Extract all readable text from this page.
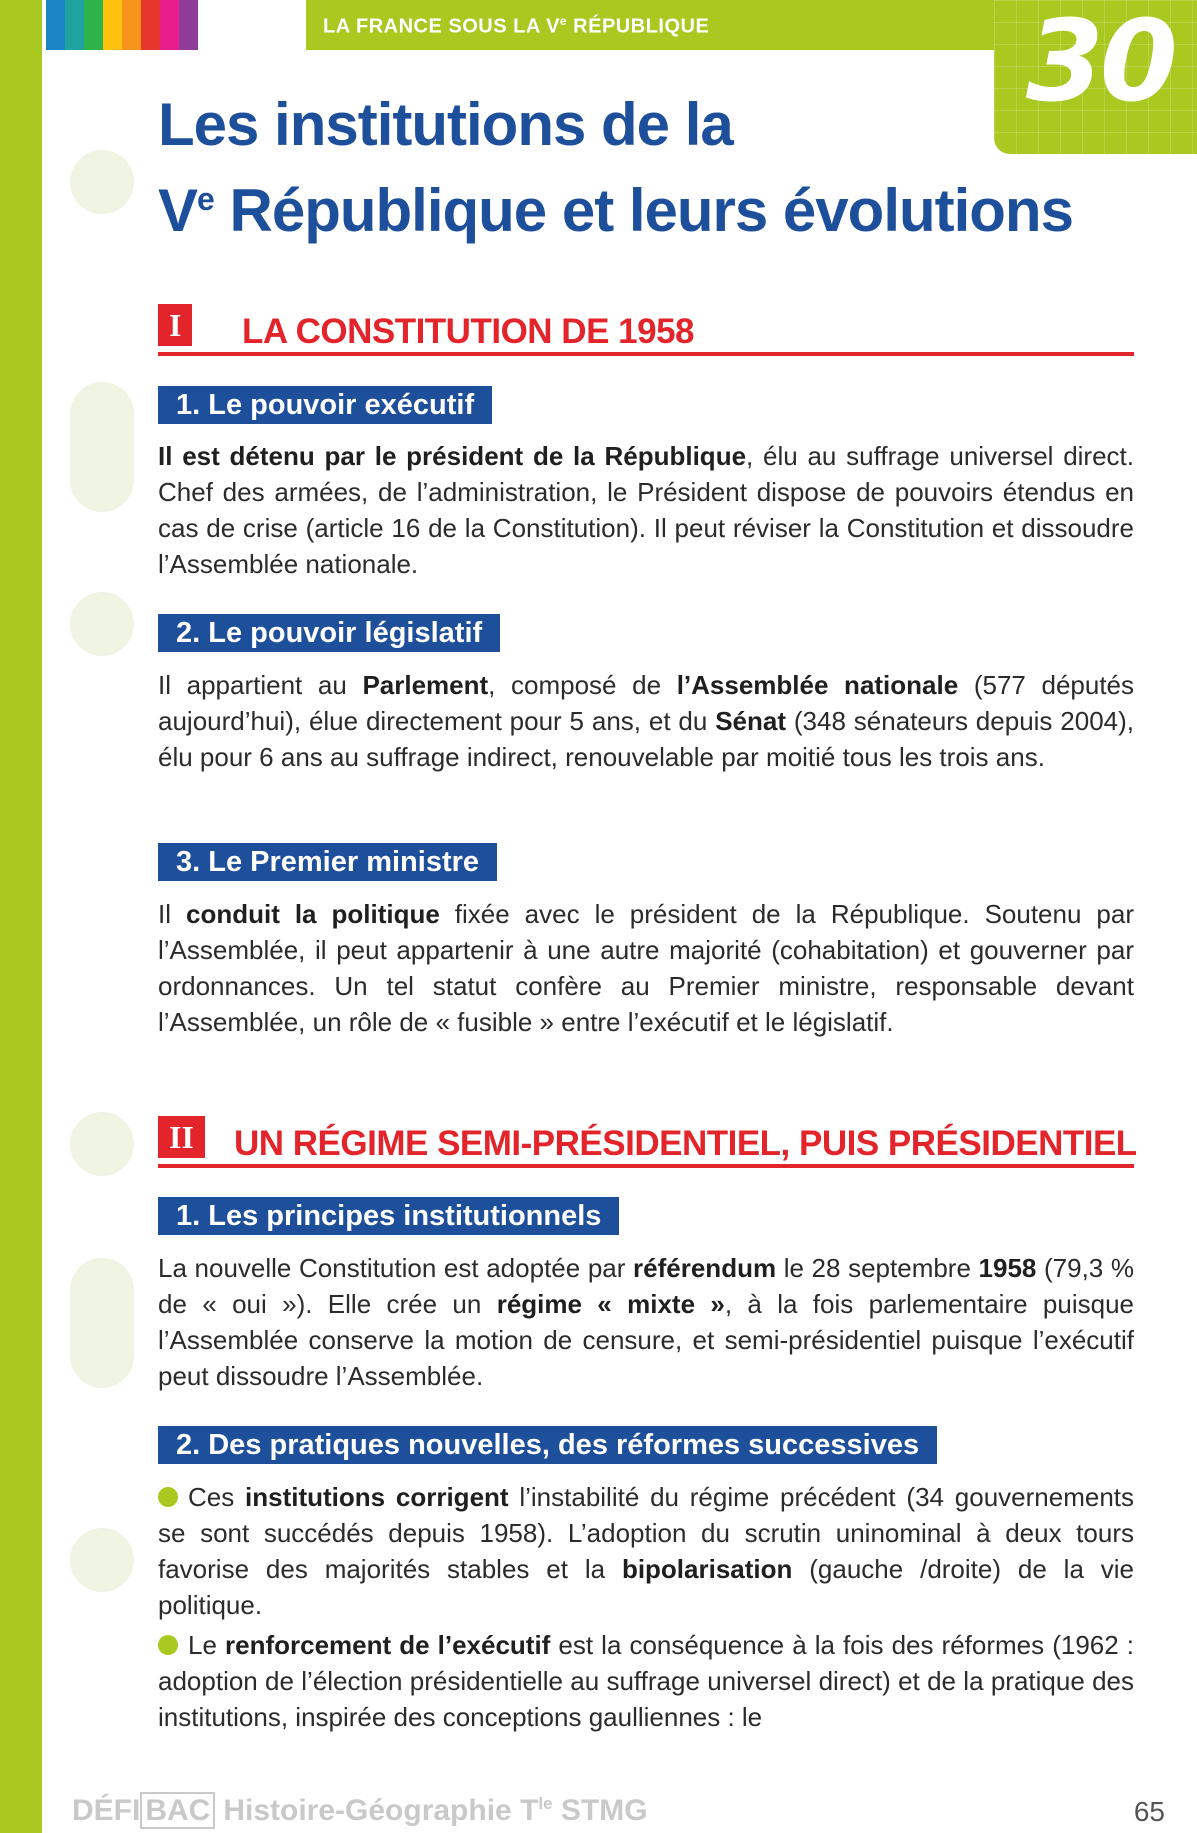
LA FRANCE SOUS LA Ve RÉPUBLIQUE	30
Les institutions de la
Ve République et leurs évolutions
I	LA CONSTITUTION DE 1958
1. Le pouvoir exécutif

Il est détenu par le président de la République, élu au suffrage universel direct. Chef des armées, de l’administration, le Président dispose de pouvoirs étendus en cas de crise (article 16 de la Constitution). Il peut réviser la Constitution et dissoudre l’Assemblée nationale.

2. Le pouvoir législatif

Il appartient au Parlement, composé de l’Assemblée nationale (577 députés aujourd’hui), élue directement pour 5 ans, et du Sénat (348 sénateurs depuis 2004), élu pour 6 ans au suffrage indirect, renouvelable par moitié tous les trois ans.

3. Le Premier ministre

Il conduit la politique fixée avec le président de la République. Soutenu par l’Assemblée, il peut appartenir à une autre majorité (cohabitation) et gouverner par ordonnances. Un tel statut confère au Premier ministre, responsable devant l’Assemblée, un rôle de « fusible » entre l’exécutif et le législatif.

II	UN RÉGIME SEMI-PRÉSIDENTIEL, PUIS PRÉSIDENTIEL
1. Les principes institutionnels

La nouvelle Constitution est adoptée par référendum le 28 septembre 1958 (79,3 % de « oui »). Elle crée un régime « mixte », à la fois parlementaire puisque l’Assemblée conserve la motion de censure, et semi-présidentiel puisque l’exécutif peut dissoudre l’Assemblée.

2. Des pratiques nouvelles, des réformes successives

Ces institutions corrigent l’instabilité du régime précédent (34 gouvernements se sont succédés depuis 1958). L’adoption du scrutin uninominal à deux tours favorise des majorités stables et la bipolarisation (gauche /droite) de la vie politique.

Le renforcement de l’exécutif est la conséquence à la fois des réformes (1962 : adoption de l’élection présidentielle au suffrage universel direct) et de la pratique des institutions, inspirée des conceptions gaulliennes : le

DÉFI BAC Histoire-Géographie $T^{le}$ STMG	65
